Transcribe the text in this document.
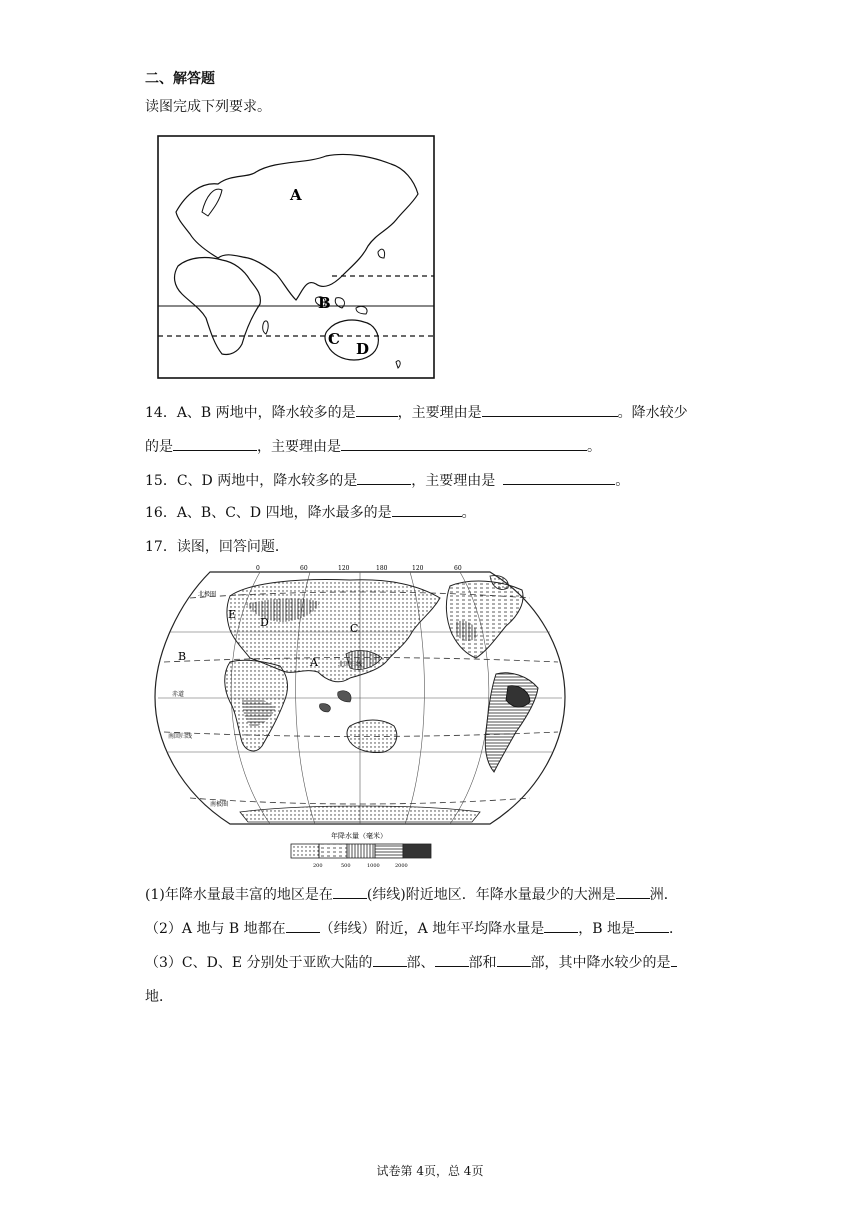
二、解答题
读图完成下列要求。
A
B
C
D
14．A、B 两地中，降水较多的是	，主要理由是	。降水较少
的是	，主要理由是	。
15．C、D 两地中，降水较多的是	，主要理由是	。
16．A、B、C、D 四地，降水最多的是	。
17．读图，回答问题．
0	60	120	180	120	60
北回归线
赤道
南回归线
北极圈
南极圈
A
B
C
D
E
年降水量（毫米）
200	500	1000	2000
(1)年降水量最丰富的地区是在 (纬线)附近地区．年降水量最少的大洲是 洲．
（2）A 地与 B 地都在 （纬线）附近，A 地年平均降水量是 ，B 地是 ．
（3）C、D、E 分别处于亚欧大陆的 部、 部和 部，其中降水较少的是
地．
试卷第 4页，总 4页
